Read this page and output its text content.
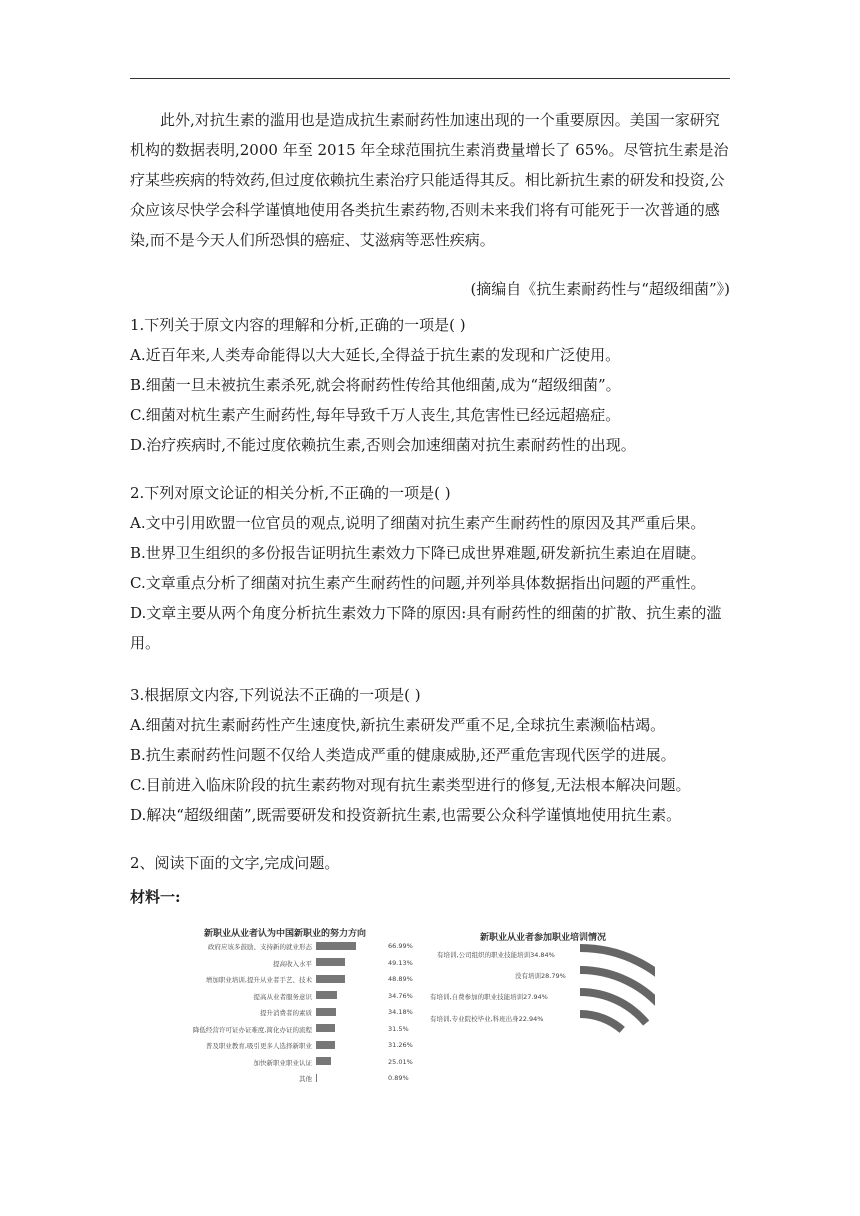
此外,对抗生素的滥用也是造成抗生素耐药性加速出现的一个重要原因。美国一家研究机构的数据表明,2000 年至 2015 年全球范围抗生素消费量增长了 65%。尽管抗生素是治疗某些疾病的特效药,但过度依赖抗生素治疗只能适得其反。相比新抗生素的研发和投资,公众应该尽快学会科学谨慎地使用各类抗生素药物,否则未来我们将有可能死于一次普通的感染,而不是今天人们所恐惧的癌症、艾滋病等恶性疾病。
(摘编自《抗生素耐药性与“超级细菌”》)
1.下列关于原文内容的理解和分析,正确的一项是( )
A.近百年来,人类寿命能得以大大延长,全得益于抗生素的发现和广泛使用。
B.细菌一旦未被抗生素杀死,就会将耐药性传给其他细菌,成为“超级细菌”。
C.细菌对杭生素产生耐药性,每年导致千万人丧生,其危害性已经远超癌症。
D.治疗疾病时,不能过度依赖抗生素,否则会加速细菌对抗生素耐药性的出现。
2.下列对原文论证的相关分析,不正确的一项是( )
A.文中引用欧盟一位官员的观点,说明了细菌对抗生素产生耐药性的原因及其严重后果。
B.世界卫生组织的多份报告证明抗生素效力下降已成世界难题,研发新抗生素迫在眉睫。
C.文章重点分析了细菌对抗生素产生耐药性的问题,并列举具体数据指出问题的严重性。
D.文章主要从两个角度分析抗生素效力下降的原因:具有耐药性的细菌的扩散、抗生素的滥用。
3.根据原文内容,下列说法不正确的一项是( )
A.细菌对抗生素耐药性产生速度快,新抗生素研发严重不足,全球抗生素濒临枯竭。
B.抗生素耐药性问题不仅给人类造成严重的健康威胁,还严重危害现代医学的进展。
C.目前进入临床阶段的抗生素药物对现有抗生素类型进行的修复,无法根本解决问题。
D.解决“超级细菌”,既需要研发和投资新抗生素,也需要公众科学谨慎地使用抗生素。
2、阅读下面的文字,完成问题。
材料一:
新职业从业者认为中国新职业的努力方向
政府应该多鼓励、支持新的就业形态	66.99%
提高收入水平	49.13%
增加职业培训,提升从业者手艺、技术	48.89%
提高从业者服务意识	34.76%
提升消费者的素质	34.18%
降低经营许可证办证难度,简化办证的流程	31.5%
普及职业教育,吸引更多人选择新职业	31.26%
加快新职业职业认证	25.01%
其他	0.89%
新职业从业者参加职业培训情况
有培训,公司组织的职业技能培训34.84%
没有培训28.79%
有培训,自费参加的职业技能培训27.94%
有培训,专业院校毕业,科班出身22.94%
